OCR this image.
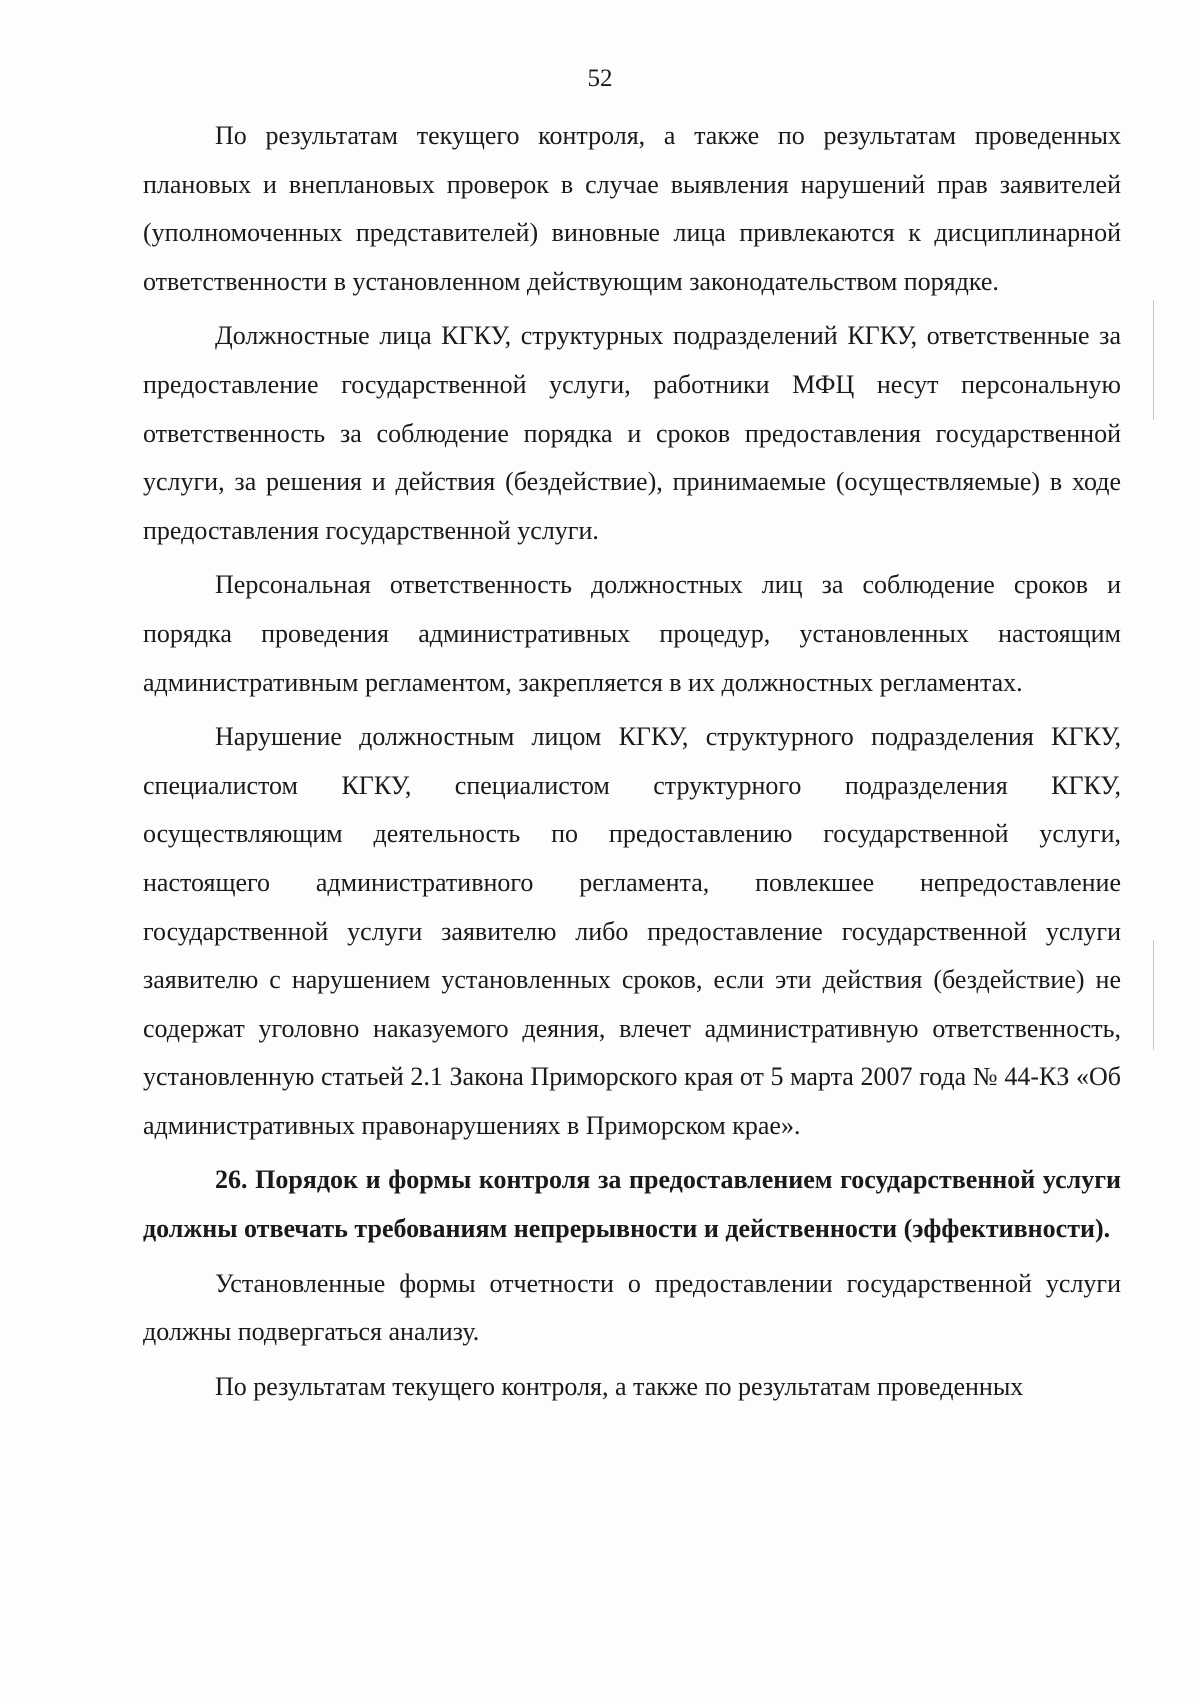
52

По результатам текущего контроля, а также по результатам проведенных плановых и внеплановых проверок в случае выявления нарушений прав заявителей (уполномоченных представителей) виновные лица привлекаются к дисциплинарной ответственности в установленном действующим законодательством порядке.

Должностные лица КГКУ, структурных подразделений КГКУ, ответственные за предоставление государственной услуги, работники МФЦ несут персональную ответственность за соблюдение порядка и сроков предоставления государственной услуги, за решения и действия (бездействие), принимаемые (осуществляемые) в ходе предоставления государственной услуги.

Персональная ответственность должностных лиц за соблюдение сроков и порядка проведения административных процедур, установленных настоящим административным регламентом, закрепляется в их должностных регламентах.

Нарушение должностным лицом КГКУ, структурного подразделения КГКУ, специалистом КГКУ, специалистом структурного подразделения КГКУ, осуществляющим деятельность по предоставлению государственной услуги, настоящего административного регламента, повлекшее непредоставление государственной услуги заявителю либо предоставление государственной услуги заявителю с нарушением установленных сроков, если эти действия (бездействие) не содержат уголовно наказуемого деяния, влечет административную ответственность, установленную статьей 2.1 Закона Приморского края от 5 марта 2007 года № 44-КЗ «Об административных правонарушениях в Приморском крае».

26. Порядок и формы контроля за предоставлением государственной услуги должны отвечать требованиям непрерывности и действенности (эффективности).

Установленные формы отчетности о предоставлении государственной услуги должны подвергаться анализу.

По результатам текущего контроля, а также по результатам проведенных
